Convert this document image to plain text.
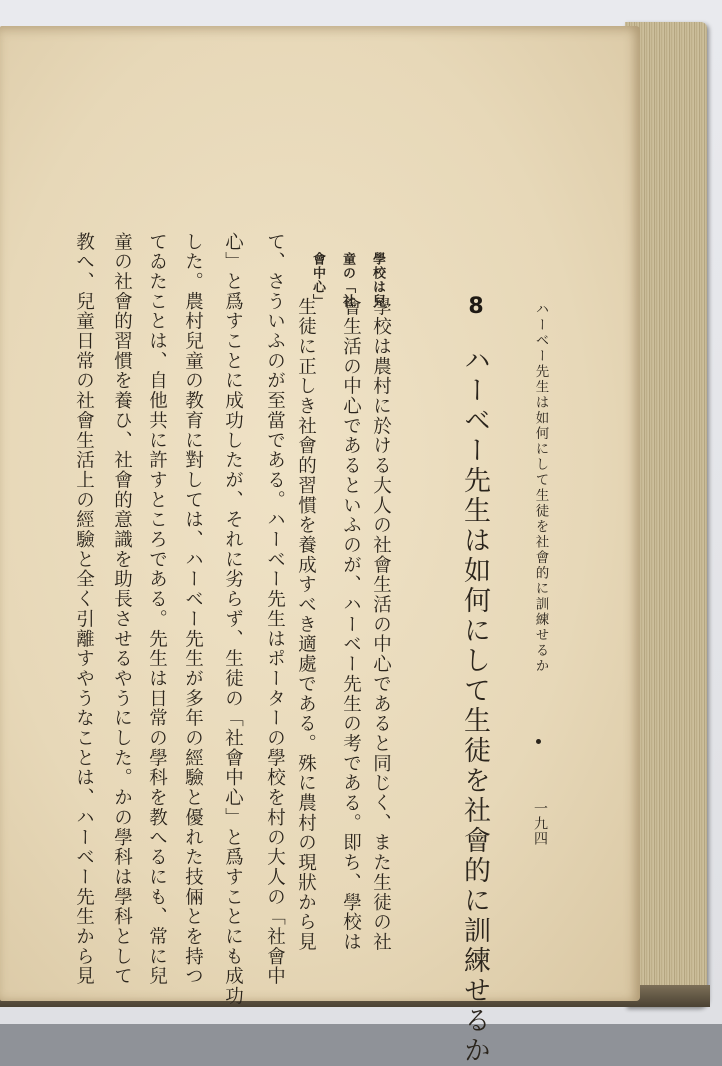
ハーベー先生は如何にして生徒を社會的に訓練せるか
一九四
8
ハーベー先生は如何にして生徒を社會的に訓練せるか
學校は兒
童の「社
會中心」
學校は農村に於ける大人の社會生活の中心であると同じく、また生徒の社
會生活の中心であるといふのが、ハーベー先生の考である。即ち、學校は
生徒に正しき社會的習慣を養成すべき適處である。殊に農村の現狀から見
て、さういふのが至當である。ハーベー先生はポーターの學校を村の大人の「社會中
心」と爲すことに成功したが、それに劣らず、生徒の「社會中心」と爲すことにも成功
した。農村兒童の教育に對しては、ハーベー先生が多年の經驗と優れた技倆とを持つ
てゐたことは、自他共に許すところである。先生は日常の學科を教へるにも、常に兒
童の社會的習慣を養ひ、社會的意識を助長させるやうにした。かの學科は學科として
教へ、兒童日常の社會生活上の經驗と全く引離すやうなことは、ハーベー先生から見
